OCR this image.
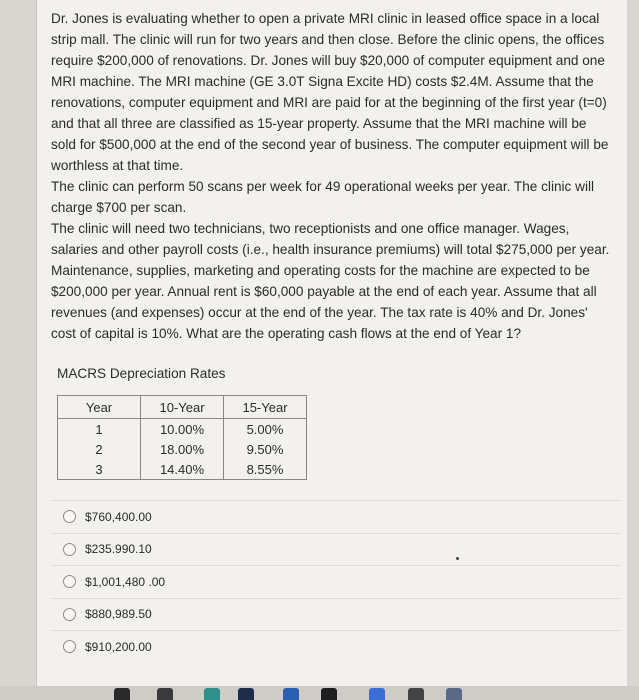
Dr. Jones is evaluating whether to open a private MRI clinic in leased office space in a local strip mall. The clinic will run for two years and then close. Before the clinic opens, the offices require $200,000 of renovations. Dr. Jones will buy $20,000 of computer equipment and one MRI machine. The MRI machine (GE 3.0T Signa Excite HD) costs $2.4M. Assume that the renovations, computer equipment and MRI are paid for at the beginning of the first year (t=0) and that all three are classified as 15-year property. Assume that the MRI machine will be sold for $500,000 at the end of the second year of business. The computer equipment will be worthless at that time.

The clinic can perform 50 scans per week for 49 operational weeks per year. The clinic will charge $700 per scan.

The clinic will need two technicians, two receptionists and one office manager. Wages, salaries and other payroll costs (i.e., health insurance premiums) will total $275,000 per year. Maintenance, supplies, marketing and operating costs for the machine are expected to be $200,000 per year. Annual rent is $60,000 payable at the end of each year. Assume that all revenues (and expenses) occur at the end of the year. The tax rate is 40% and Dr. Jones' cost of capital is 10%. What are the operating cash flows at the end of Year 1?

MACRS Depreciation Rates
Year	10-Year	15-Year
1	10.00%	5.00%
2	18.00%	9.50%
3	14.40%	8.55%
$760,400.00
$235.990.10
$1,001,480 .00
$880,989.50
$910,200.00
